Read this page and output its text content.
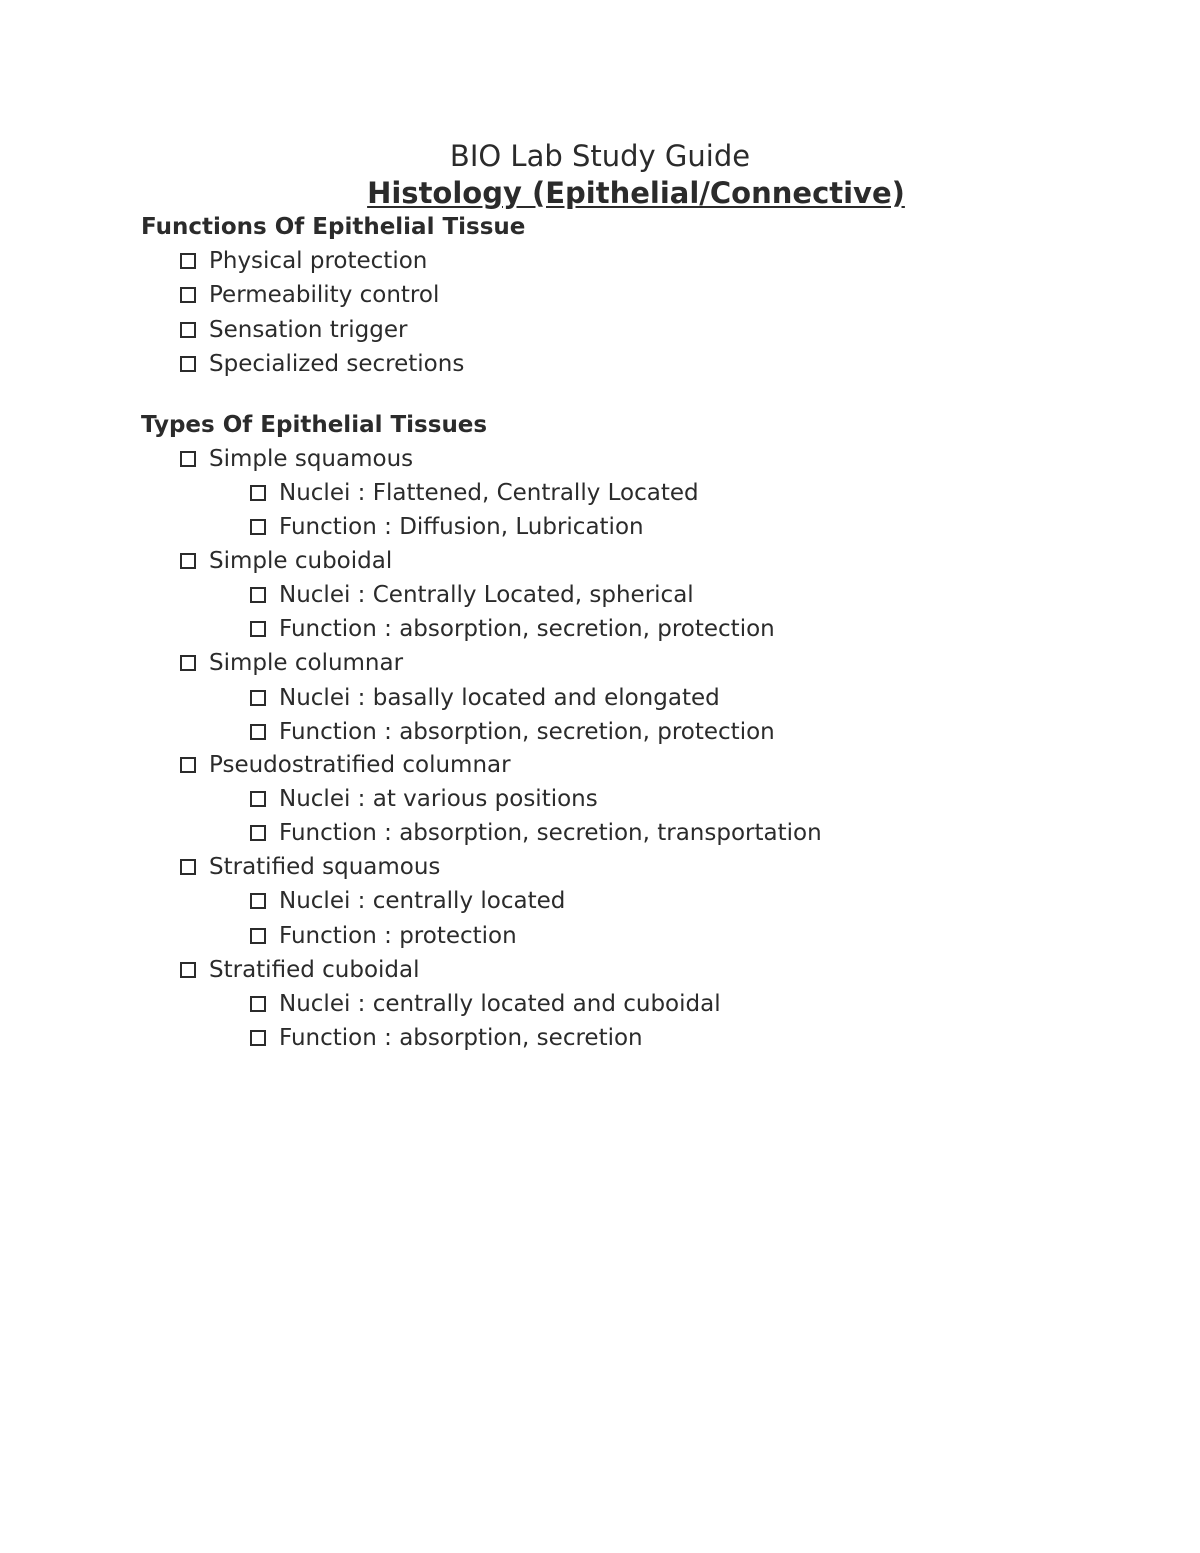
BIO Lab Study Guide
Histology (Epithelial/Connective)
Functions Of Epithelial Tissue
Physical protection
Permeability control
Sensation trigger
Specialized secretions
Types Of Epithelial Tissues
Simple squamous
Nuclei : Flattened, Centrally Located
Function : Diffusion, Lubrication
Simple cuboidal
Nuclei : Centrally Located, spherical
Function : absorption, secretion, protection
Simple columnar
Nuclei : basally located and elongated
Function : absorption, secretion, protection
Pseudostratified columnar
Nuclei : at various positions
Function : absorption, secretion, transportation
Stratified squamous
Nuclei : centrally located
Function : protection
Stratified cuboidal
Nuclei : centrally located and cuboidal
Function : absorption, secretion
